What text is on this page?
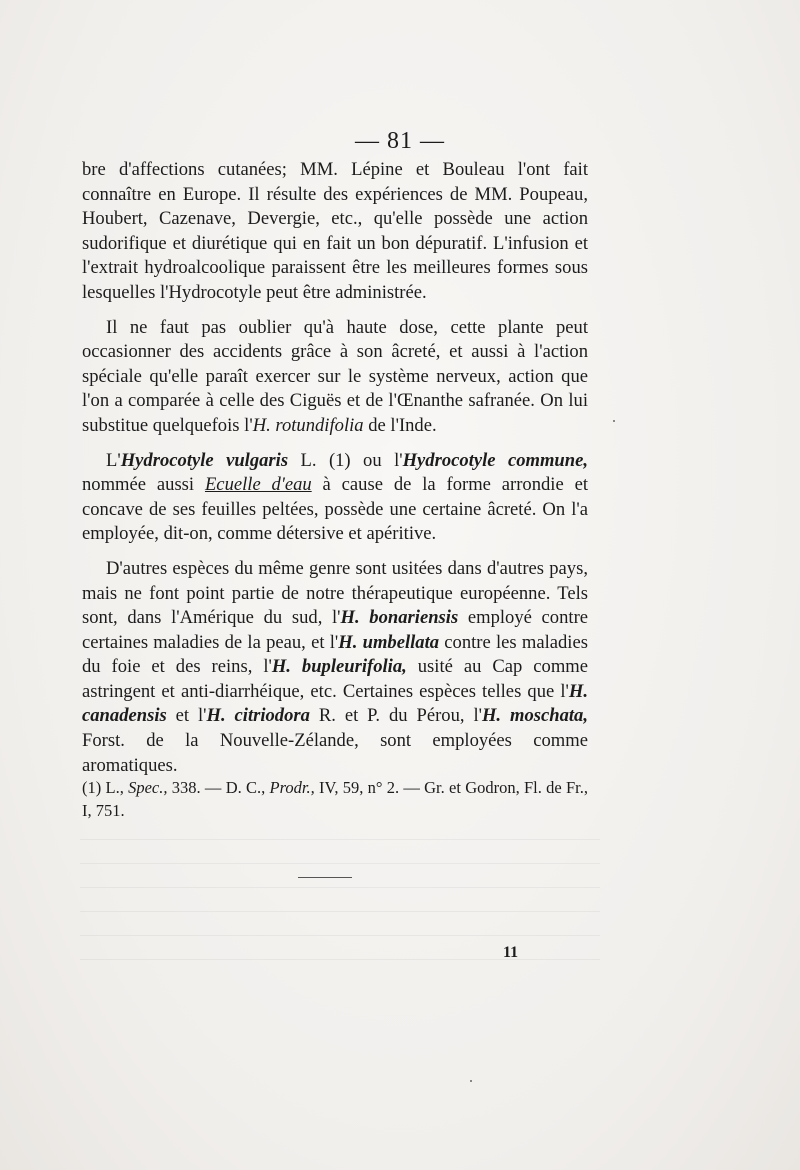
— 81 —

bre d'affections cutanées; MM. Lépine et Bouleau l'ont fait connaître en Europe. Il résulte des expériences de MM. Poupeau, Houbert, Cazenave, Devergie, etc., qu'elle possède une action sudorifique et diurétique qui en fait un bon dépuratif. L'infusion et l'extrait hydroalcoolique paraissent être les meilleures formes sous lesquelles l'Hydrocotyle peut être administrée.

Il ne faut pas oublier qu'à haute dose, cette plante peut occasionner des accidents grâce à son âcreté, et aussi à l'action spéciale qu'elle paraît exercer sur le système nerveux, action que l'on a comparée à celle des Ciguës et de l'Œnanthe safranée. On lui substitue quelquefois l'H. rotundifolia de l'Inde.

L'Hydrocotyle vulgaris L. (1) ou l'Hydrocotyle commune, nommée aussi Ecuelle d'eau à cause de la forme arrondie et concave de ses feuilles peltées, possède une certaine âcreté. On l'a employée, dit-on, comme détersive et apéritive.

D'autres espèces du même genre sont usitées dans d'autres pays, mais ne font point partie de notre thérapeutique européenne. Tels sont, dans l'Amérique du sud, l'H. bonariensis employé contre certaines maladies de la peau, et l'H. umbellata contre les maladies du foie et des reins, l'H. bupleurifolia, usité au Cap comme astringent et anti-diarrhéique, etc. Certaines espèces telles que l'H. canadensis et l'H. citriodora R. et P. du Pérou, l'H. moschata, Forst. de la Nouvelle-Zélande, sont employées comme aromatiques.

(1) L., Spec., 338. — D. C., Prodr., IV, 59, n° 2. — Gr. et Godron, Fl. de Fr., I, 751.

11
